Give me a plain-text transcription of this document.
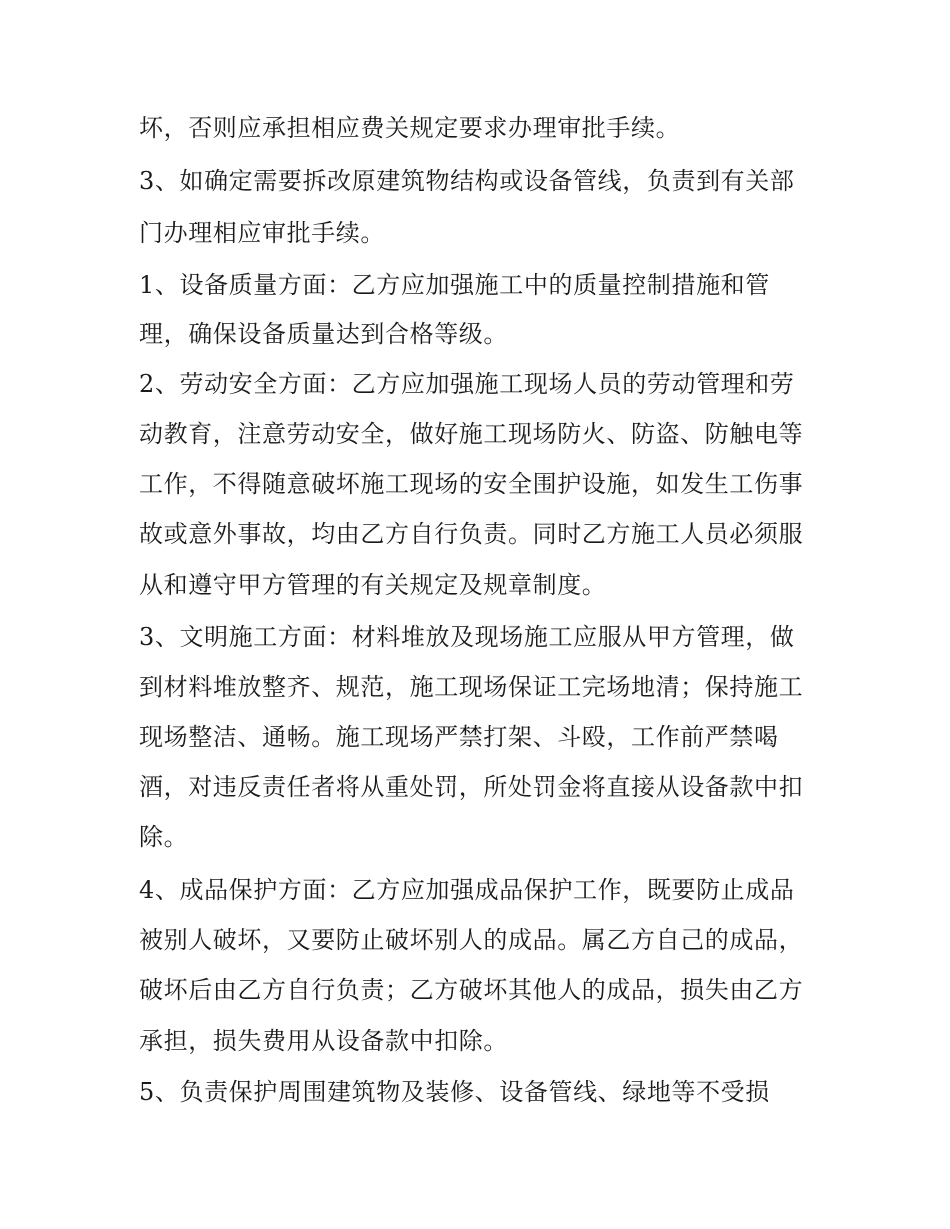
坏，否则应承担相应费关规定要求办理审批手续。
3、如确定需要拆改原建筑物结构或设备管线，负责到有关部
门办理相应审批手续。
1、设备质量方面：乙方应加强施工中的质量控制措施和管
理，确保设备质量达到合格等级。
2、劳动安全方面：乙方应加强施工现场人员的劳动管理和劳
动教育，注意劳动安全，做好施工现场防火、防盗、防触电等
工作，不得随意破坏施工现场的安全围护设施，如发生工伤事
故或意外事故，均由乙方自行负责。同时乙方施工人员必须服
从和遵守甲方管理的有关规定及规章制度。
3、文明施工方面：材料堆放及现场施工应服从甲方管理，做
到材料堆放整齐、规范，施工现场保证工完场地清；保持施工
现场整洁、通畅。施工现场严禁打架、斗殴，工作前严禁喝
酒，对违反责任者将从重处罚，所处罚金将直接从设备款中扣
除。
4、成品保护方面：乙方应加强成品保护工作，既要防止成品
被别人破坏，又要防止破坏别人的成品。属乙方自己的成品，
破坏后由乙方自行负责；乙方破坏其他人的成品，损失由乙方
承担，损失费用从设备款中扣除。
5、负责保护周围建筑物及装修、设备管线、绿地等不受损
